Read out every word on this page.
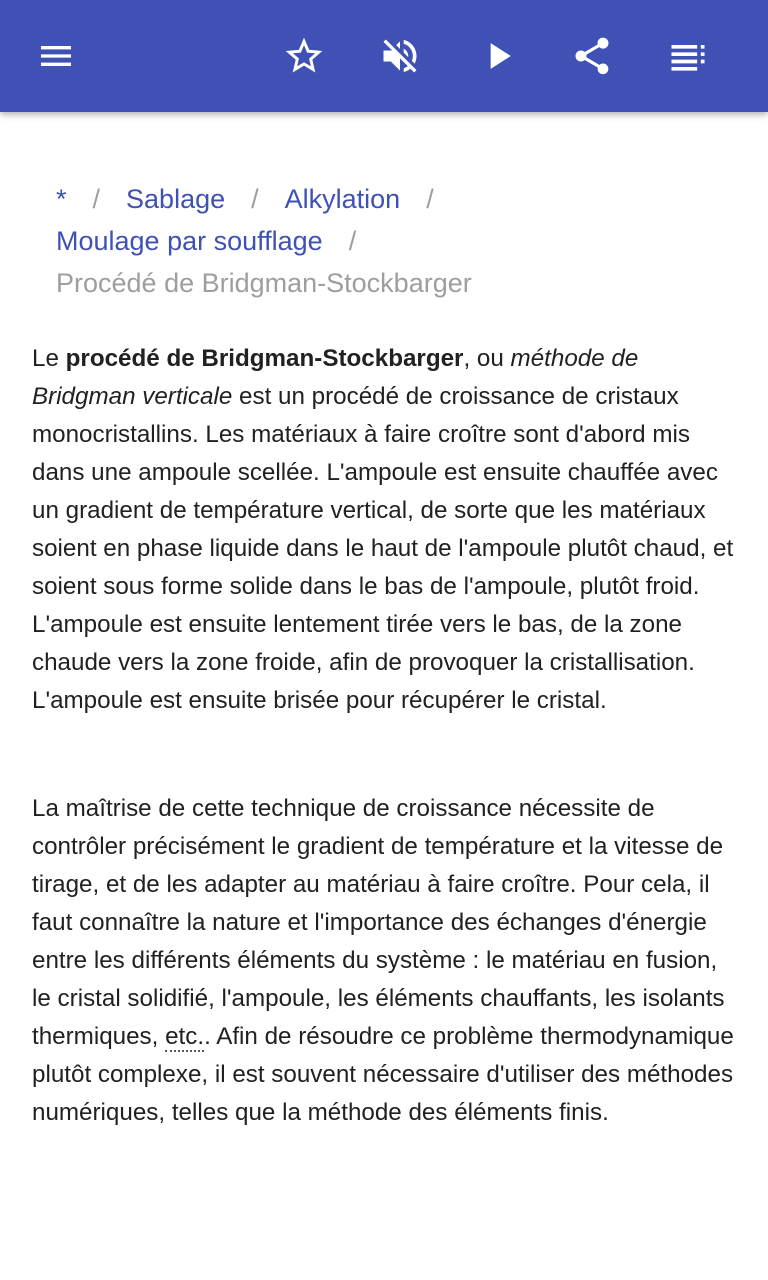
* / Sablage / Alkylation /
Moulage par soufflage /
Procédé de Bridgman-Stockbarger

Le procédé de Bridgman-Stockbarger, ou méthode de Bridgman verticale est un procédé de croissance de cristaux monocristallins. Les matériaux à faire croître sont d'abord mis dans une ampoule scellée. L'ampoule est ensuite chauffée avec un gradient de température vertical, de sorte que les matériaux soient en phase liquide dans le haut de l'ampoule plutôt chaud, et soient sous forme solide dans le bas de l'ampoule, plutôt froid. L'ampoule est ensuite lentement tirée vers le bas, de la zone chaude vers la zone froide, afin de provoquer la cristallisation. L'ampoule est ensuite brisée pour récupérer le cristal.

La maîtrise de cette technique de croissance nécessite de contrôler précisément le gradient de température et la vitesse de tirage, et de les adapter au matériau à faire croître. Pour cela, il faut connaître la nature et l'importance des échanges d'énergie entre les différents éléments du système : le matériau en fusion, le cristal solidifié, l'ampoule, les éléments chauffants, les isolants thermiques, etc.. Afin de résoudre ce problème thermodynamique plutôt complexe, il est souvent nécessaire d'utiliser des méthodes numériques, telles que la méthode des éléments finis.
